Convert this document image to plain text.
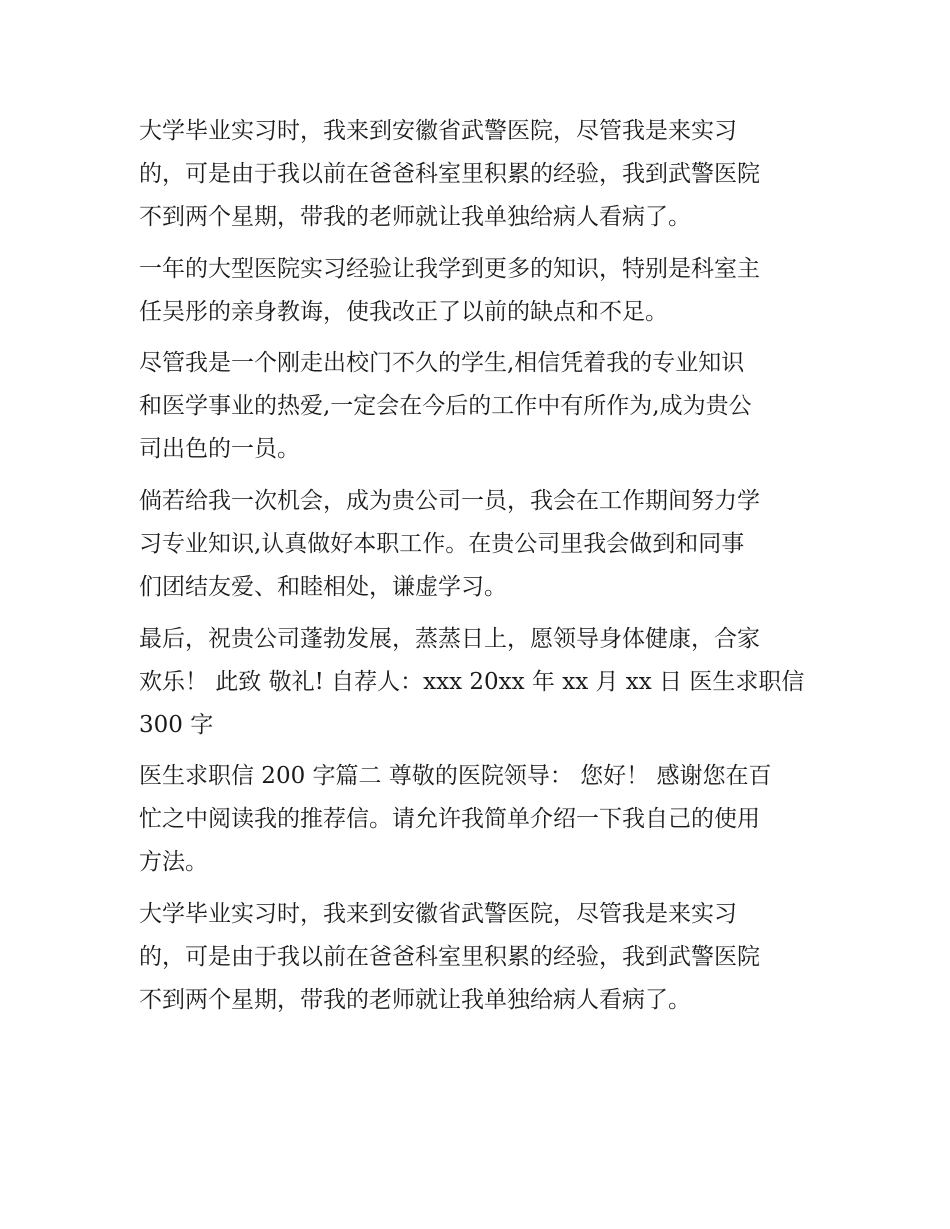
大学毕业实习时，我来到安徽省武警医院，尽管我是来实习
的，可是由于我以前在爸爸科室里积累的经验，我到武警医院
不到两个星期，带我的老师就让我单独给病人看病了。

一年的大型医院实习经验让我学到更多的知识，特别是科室主
任吴彤的亲身教诲，使我改正了以前的缺点和不足。

尽管我是一个刚走出校门不久的学生,相信凭着我的专业知识
和医学事业的热爱,一定会在今后的工作中有所作为,成为贵公
司出色的一员。

倘若给我一次机会，成为贵公司一员，我会在工作期间努力学
习专业知识,认真做好本职工作。在贵公司里我会做到和同事
们团结友爱、和睦相处，谦虚学习。

最后，祝贵公司蓬勃发展，蒸蒸日上，愿领导身体健康，合家
欢乐！ 此致 敬礼! 自荐人：xxx 20xx 年 xx 月 xx 日 医生求职信
300 字

医生求职信 200 字篇二 尊敬的医院领导： 您好！ 感谢您在百
忙之中阅读我的推荐信。请允许我简单介绍一下我自己的使用
方法。

大学毕业实习时，我来到安徽省武警医院，尽管我是来实习
的，可是由于我以前在爸爸科室里积累的经验，我到武警医院
不到两个星期，带我的老师就让我单独给病人看病了。
